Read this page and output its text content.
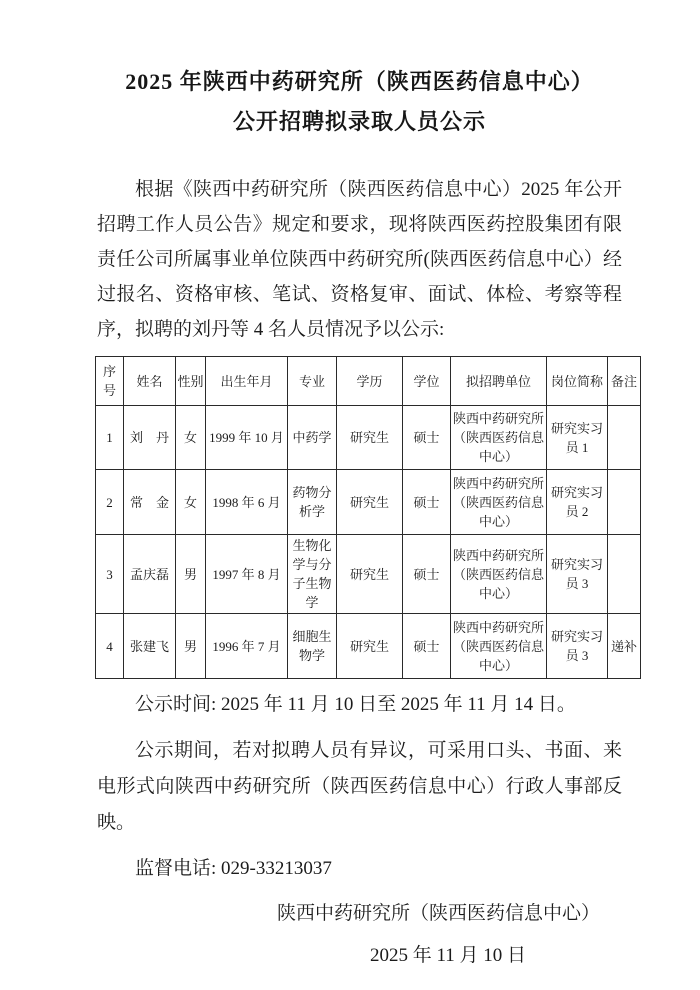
2025 年陕西中药研究所（陕西医药信息中心）
公开招聘拟录取人员公示

根据《陕西中药研究所（陕西医药信息中心）2025 年公开招聘工作人员公告》规定和要求，现将陕西医药控股集团有限责任公司所属事业单位陕西中药研究所(陕西医药信息中心）经过报名、资格审核、笔试、资格复审、面试、体检、考察等程序，拟聘的刘丹等 4 名人员情况予以公示:

序号	姓名	性别	出生年月	专业	学历	学位	拟招聘单位	岗位简称	备注
1	刘　丹	女	1999 年 10 月	中药学	研究生	硕士	陕西中药研究所（陕西医药信息中心）	研究实习员 1	
2	常　金	女	1998 年 6 月	药物分析学	研究生	硕士	陕西中药研究所（陕西医药信息中心）	研究实习员 2	
3	孟庆磊	男	1997 年 8 月	生物化学与分子生物学	研究生	硕士	陕西中药研究所（陕西医药信息中心）	研究实习员 3	
4	张建飞	男	1996 年 7 月	细胞生物学	研究生	硕士	陕西中药研究所（陕西医药信息中心）	研究实习员 3	递补

公示时间: 2025 年 11 月 10 日至 2025 年 11 月 14 日。

公示期间，若对拟聘人员有异议，可采用口头、书面、来电形式向陕西中药研究所（陕西医药信息中心）行政人事部反映。

监督电话: 029-33213037

陕西中药研究所（陕西医药信息中心）

2025 年 11 月 10 日
